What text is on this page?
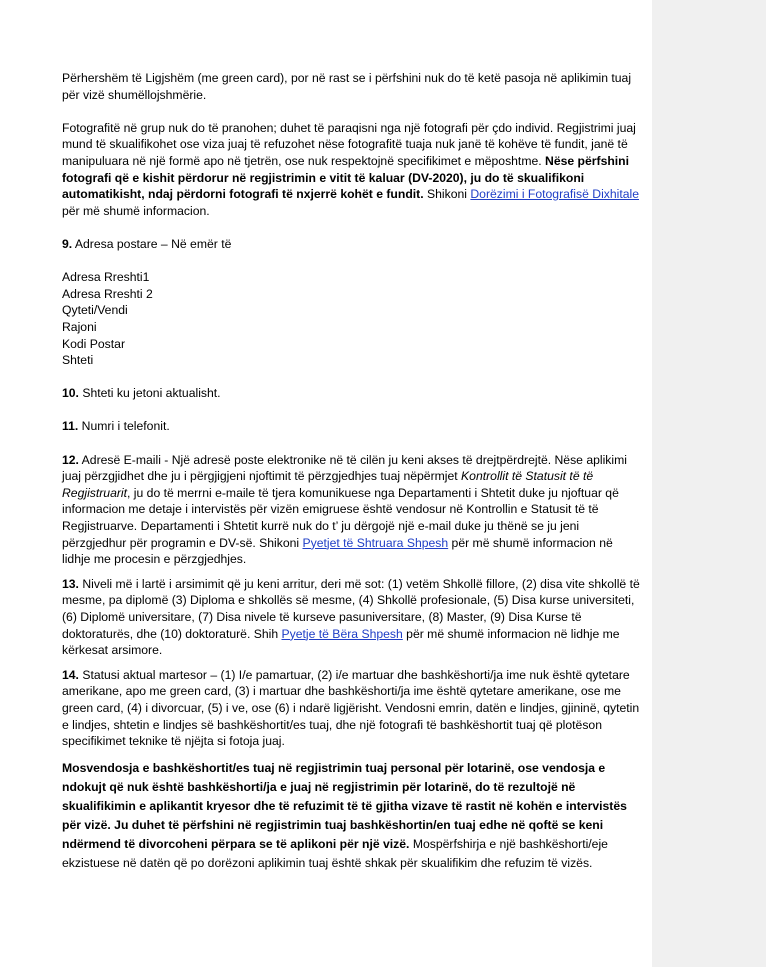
Përhershëm të Ligjshëm (me green card), por në rast se i përfshini nuk do të ketë pasoja në aplikimin tuaj për vizë shumëllojshmërie.

Fotografitë në grup nuk do të pranohen; duhet të paraqisni nga një fotografi për çdo individ. Regjistrimi juaj mund të skualifikohet ose viza juaj të refuzohet nëse fotografitë tuaja nuk janë të kohëve të fundit, janë të manipuluara në një formë apo në tjetrën, ose nuk respektojnë specifikimet e mëposhtme. Nëse përfshini fotografi që e kishit përdorur në regjistrimin e vitit të kaluar (DV-2020), ju do të skualifikoni automatikisht, ndaj përdorni fotografi të nxjerrë kohët e fundit. Shikoni Dorëzimi i Fotografisë Dixhitale për më shumë informacion.

9. Adresa postare – Në emër të

Adresa Rreshti1
Adresa Rreshti 2
Qyteti/Vendi
Rajoni
Kodi Postar
Shteti

10. Shteti ku jetoni aktualisht.

11. Numri i telefonit.

12. Adresë E-maili - Një adresë poste elektronike në të cilën ju keni akses të drejtpërdrejtë. Nëse aplikimi juaj përzgjidhet dhe ju i përgjigjeni njoftimit të përzgjedhjes tuaj nëpërmjet Kontrollit të Statusit të të Regjistruarit, ju do të merrni e-maile të tjera komunikuese nga Departamenti i Shtetit duke ju njoftuar që informacion me detaje i intervistës për vizën emigruese është vendosur në Kontrollin e Statusit të të Regjistruarve. Departamenti i Shtetit kurrë nuk do t’ ju dërgojë një e-mail duke ju thënë se ju jeni përzgjedhur për programin e DV-së. Shikoni Pyetjet të Shtruara Shpesh për më shumë informacion në lidhje me procesin e përzgjedhjes.

13. Niveli më i lartë i arsimimit që ju keni arritur, deri më sot: (1) vetëm Shkollë fillore, (2) disa vite shkollë të mesme, pa diplomë (3) Diploma e shkollës së mesme, (4) Shkollë profesionale, (5) Disa kurse universiteti, (6) Diplomë universitare, (7) Disa nivele të kurseve pasuniversitare, (8) Master, (9) Disa Kurse të doktoraturës, dhe (10) doktoraturë. Shih Pyetje të Bëra Shpesh për më shumë informacion në lidhje me kërkesat arsimore.

14. Statusi aktual martesor – (1) I/e pamartuar, (2) i/e martuar dhe bashkëshorti/ja ime nuk është qytetare amerikane, apo me green card, (3) i martuar dhe bashkëshorti/ja ime është qytetare amerikane, ose me green card, (4) i divorcuar, (5) i ve, ose (6) i ndarë ligjërisht. Vendosni emrin, datën e lindjes, gjininë, qytetin e lindjes, shtetin e lindjes së bashkëshortit/es tuaj, dhe një fotografi të bashkëshortit tuaj që plotëson specifikimet teknike të njëjta si fotoja juaj.

Mosvendosja e bashkëshortit/es tuaj në regjistrimin tuaj personal për lotarinë, ose vendosja e ndokujt që nuk është bashkëshorti/ja e juaj në regjistrimin për lotarinë, do të rezultojë në skualifikimin e aplikantit kryesor dhe të refuzimit të të gjitha vizave të rastit në kohën e intervistës për vizë. Ju duhet të përfshini në regjistrimin tuaj bashkëshortin/en tuaj edhe në qoftë se keni ndërmend të divorcoheni përpara se të aplikoni për një vizë. Mospërfshirja e një bashkëshorti/eje ekzistuese në datën që po dorëzoni aplikimin tuaj është shkak për skualifikim dhe refuzim të vizës.
